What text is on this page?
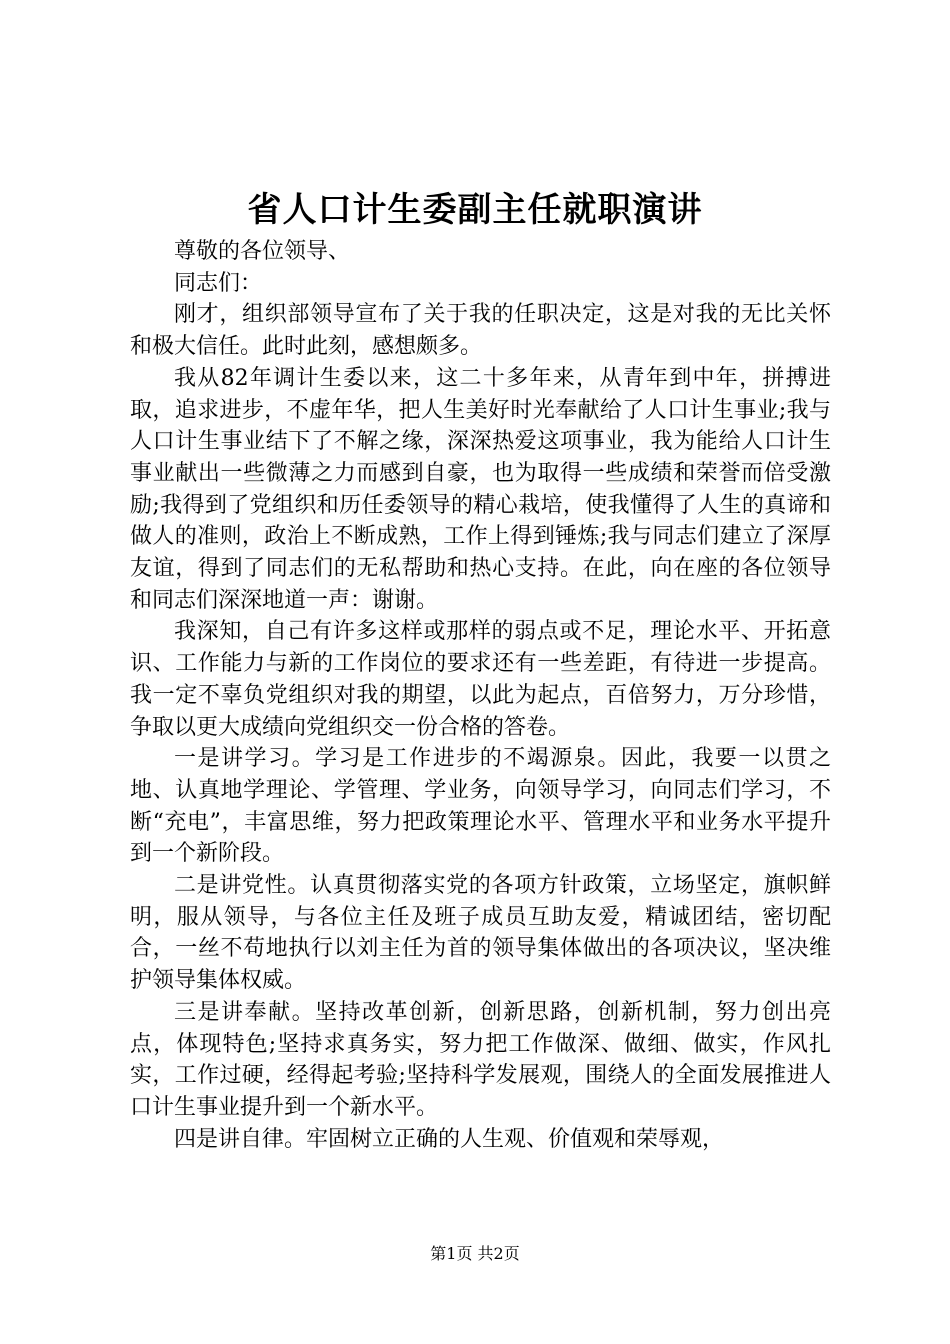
省人口计生委副主任就职演讲

尊敬的各位领导、

同志们：

刚才，组织部领导宣布了关于我的任职决定，这是对我的无比关怀和极大信任。此时此刻，感想颇多。

我从82年调计生委以来，这二十多年来，从青年到中年，拼搏进取，追求进步，不虚年华，把人生美好时光奉献给了人口计生事业;我与人口计生事业结下了不解之缘，深深热爱这项事业，我为能给人口计生事业献出一些微薄之力而感到自豪，也为取得一些成绩和荣誉而倍受激励;我得到了党组织和历任委领导的精心栽培，使我懂得了人生的真谛和做人的准则，政治上不断成熟，工作上得到锤炼;我与同志们建立了深厚友谊，得到了同志们的无私帮助和热心支持。在此，向在座的各位领导和同志们深深地道一声：谢谢。

我深知，自己有许多这样或那样的弱点或不足，理论水平、开拓意识、工作能力与新的工作岗位的要求还有一些差距，有待进一步提高。我一定不辜负党组织对我的期望，以此为起点，百倍努力，万分珍惜，争取以更大成绩向党组织交一份合格的答卷。

一是讲学习。学习是工作进步的不竭源泉。因此，我要一以贯之地、认真地学理论、学管理、学业务，向领导学习，向同志们学习，不断“充电”，丰富思维，努力把政策理论水平、管理水平和业务水平提升到一个新阶段。

二是讲党性。认真贯彻落实党的各项方针政策，立场坚定，旗帜鲜明，服从领导，与各位主任及班子成员互助友爱，精诚团结，密切配合，一丝不苟地执行以刘主任为首的领导集体做出的各项决议，坚决维护领导集体权威。

三是讲奉献。坚持改革创新，创新思路，创新机制，努力创出亮点，体现特色;坚持求真务实，努力把工作做深、做细、做实，作风扎实，工作过硬，经得起考验;坚持科学发展观，围绕人的全面发展推进人口计生事业提升到一个新水平。

四是讲自律。牢固树立正确的人生观、价值观和荣辱观，

第1页 共2页
